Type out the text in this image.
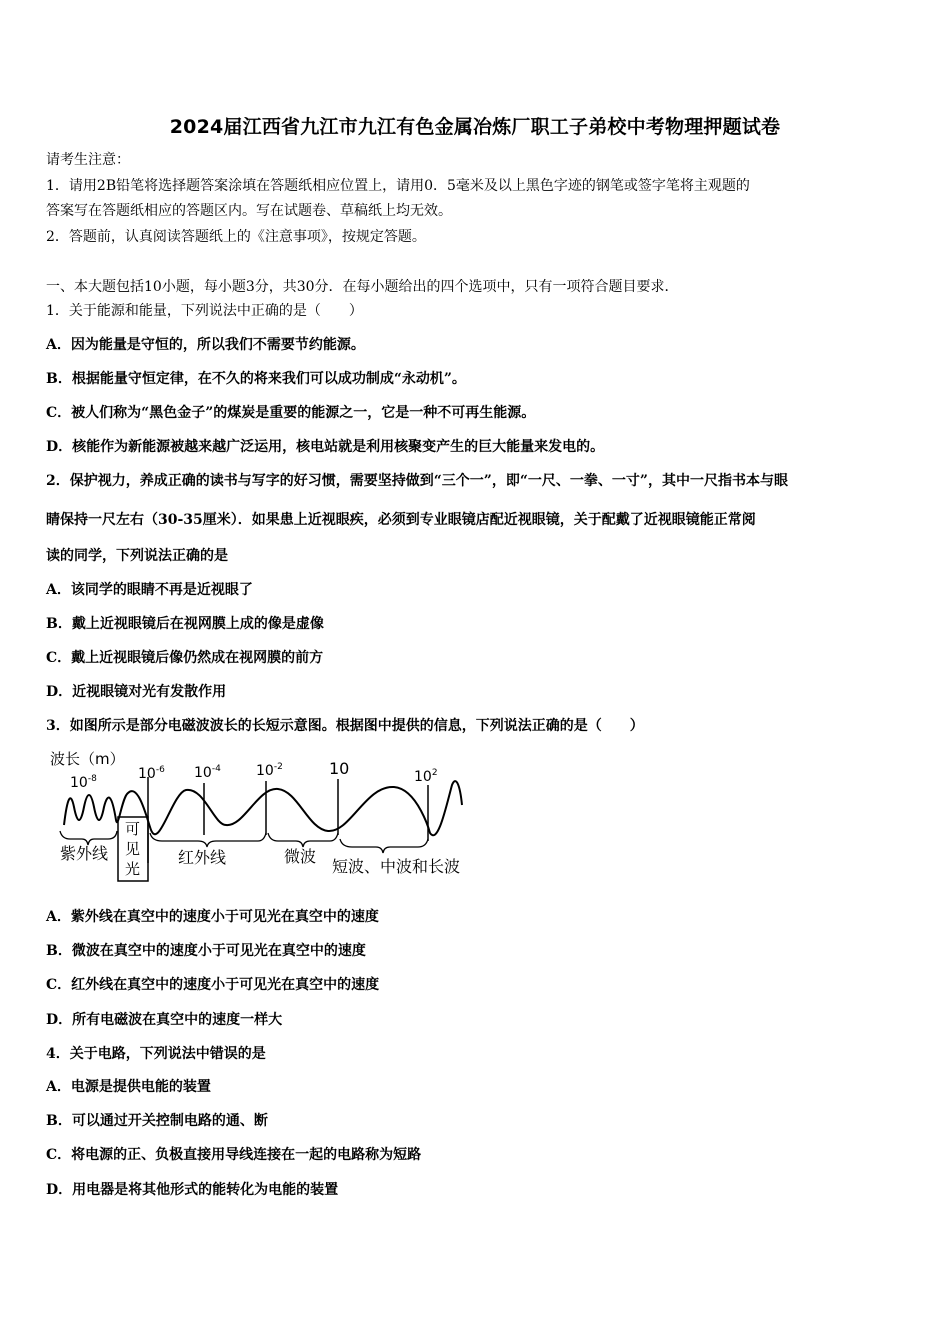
2024届江西省九江市九江有色金属冶炼厂职工子弟校中考物理押题试卷
请考生注意：
1．请用2B铅笔将选择题答案涂填在答题纸相应位置上，请用0．5毫米及以上黑色字迹的钢笔或签字笔将主观题的
答案写在答题纸相应的答题区内。写在试题卷、草稿纸上均无效。
2．答题前，认真阅读答题纸上的《注意事项》，按规定答题。
一、本大题包括10小题，每小题3分，共30分．在每小题给出的四个选项中，只有一项符合题目要求．
1．关于能源和能量，下列说法中正确的是（　　）
A．因为能量是守恒的，所以我们不需要节约能源。
B．根据能量守恒定律，在不久的将来我们可以成功制成“永动机”。
C．被人们称为“黑色金子”的煤炭是重要的能源之一，它是一种不可再生能源。
D．核能作为新能源被越来越广泛运用，核电站就是利用核聚变产生的巨大能量来发电的。
2．保护视力，养成正确的读书与写字的好习惯，需要坚持做到“三个一”，即“一尺、一拳、一寸”，其中一尺指书本与眼
睛保持一尺左右（30-35厘米）．如果患上近视眼疾，必须到专业眼镜店配近视眼镜，关于配戴了近视眼镜能正常阅
读的同学，下列说法正确的是
A．该同学的眼睛不再是近视眼了
B．戴上近视眼镜后在视网膜上成的像是虚像
C．戴上近视眼镜后像仍然成在视网膜的前方
D．近视眼镜对光有发散作用
3．如图所示是部分电磁波波长的长短示意图。根据图中提供的信息，下列说法正确的是（　　）
波长（m）
$10^{-8}$	$10^{-6}$ $10^{-4}$	$10^{-2}$	10	$10^2$
紫外线
可
见
光
红外线	微波
短波、中波和长波
A．紫外线在真空中的速度小于可见光在真空中的速度
B．微波在真空中的速度小于可见光在真空中的速度
C．红外线在真空中的速度小于可见光在真空中的速度
D．所有电磁波在真空中的速度一样大
4．关于电路，下列说法中错误的是
A．电源是提供电能的装置
B．可以通过开关控制电路的通、断
C．将电源的正、负极直接用导线连接在一起的电路称为短路
D．用电器是将其他形式的能转化为电能的装置
